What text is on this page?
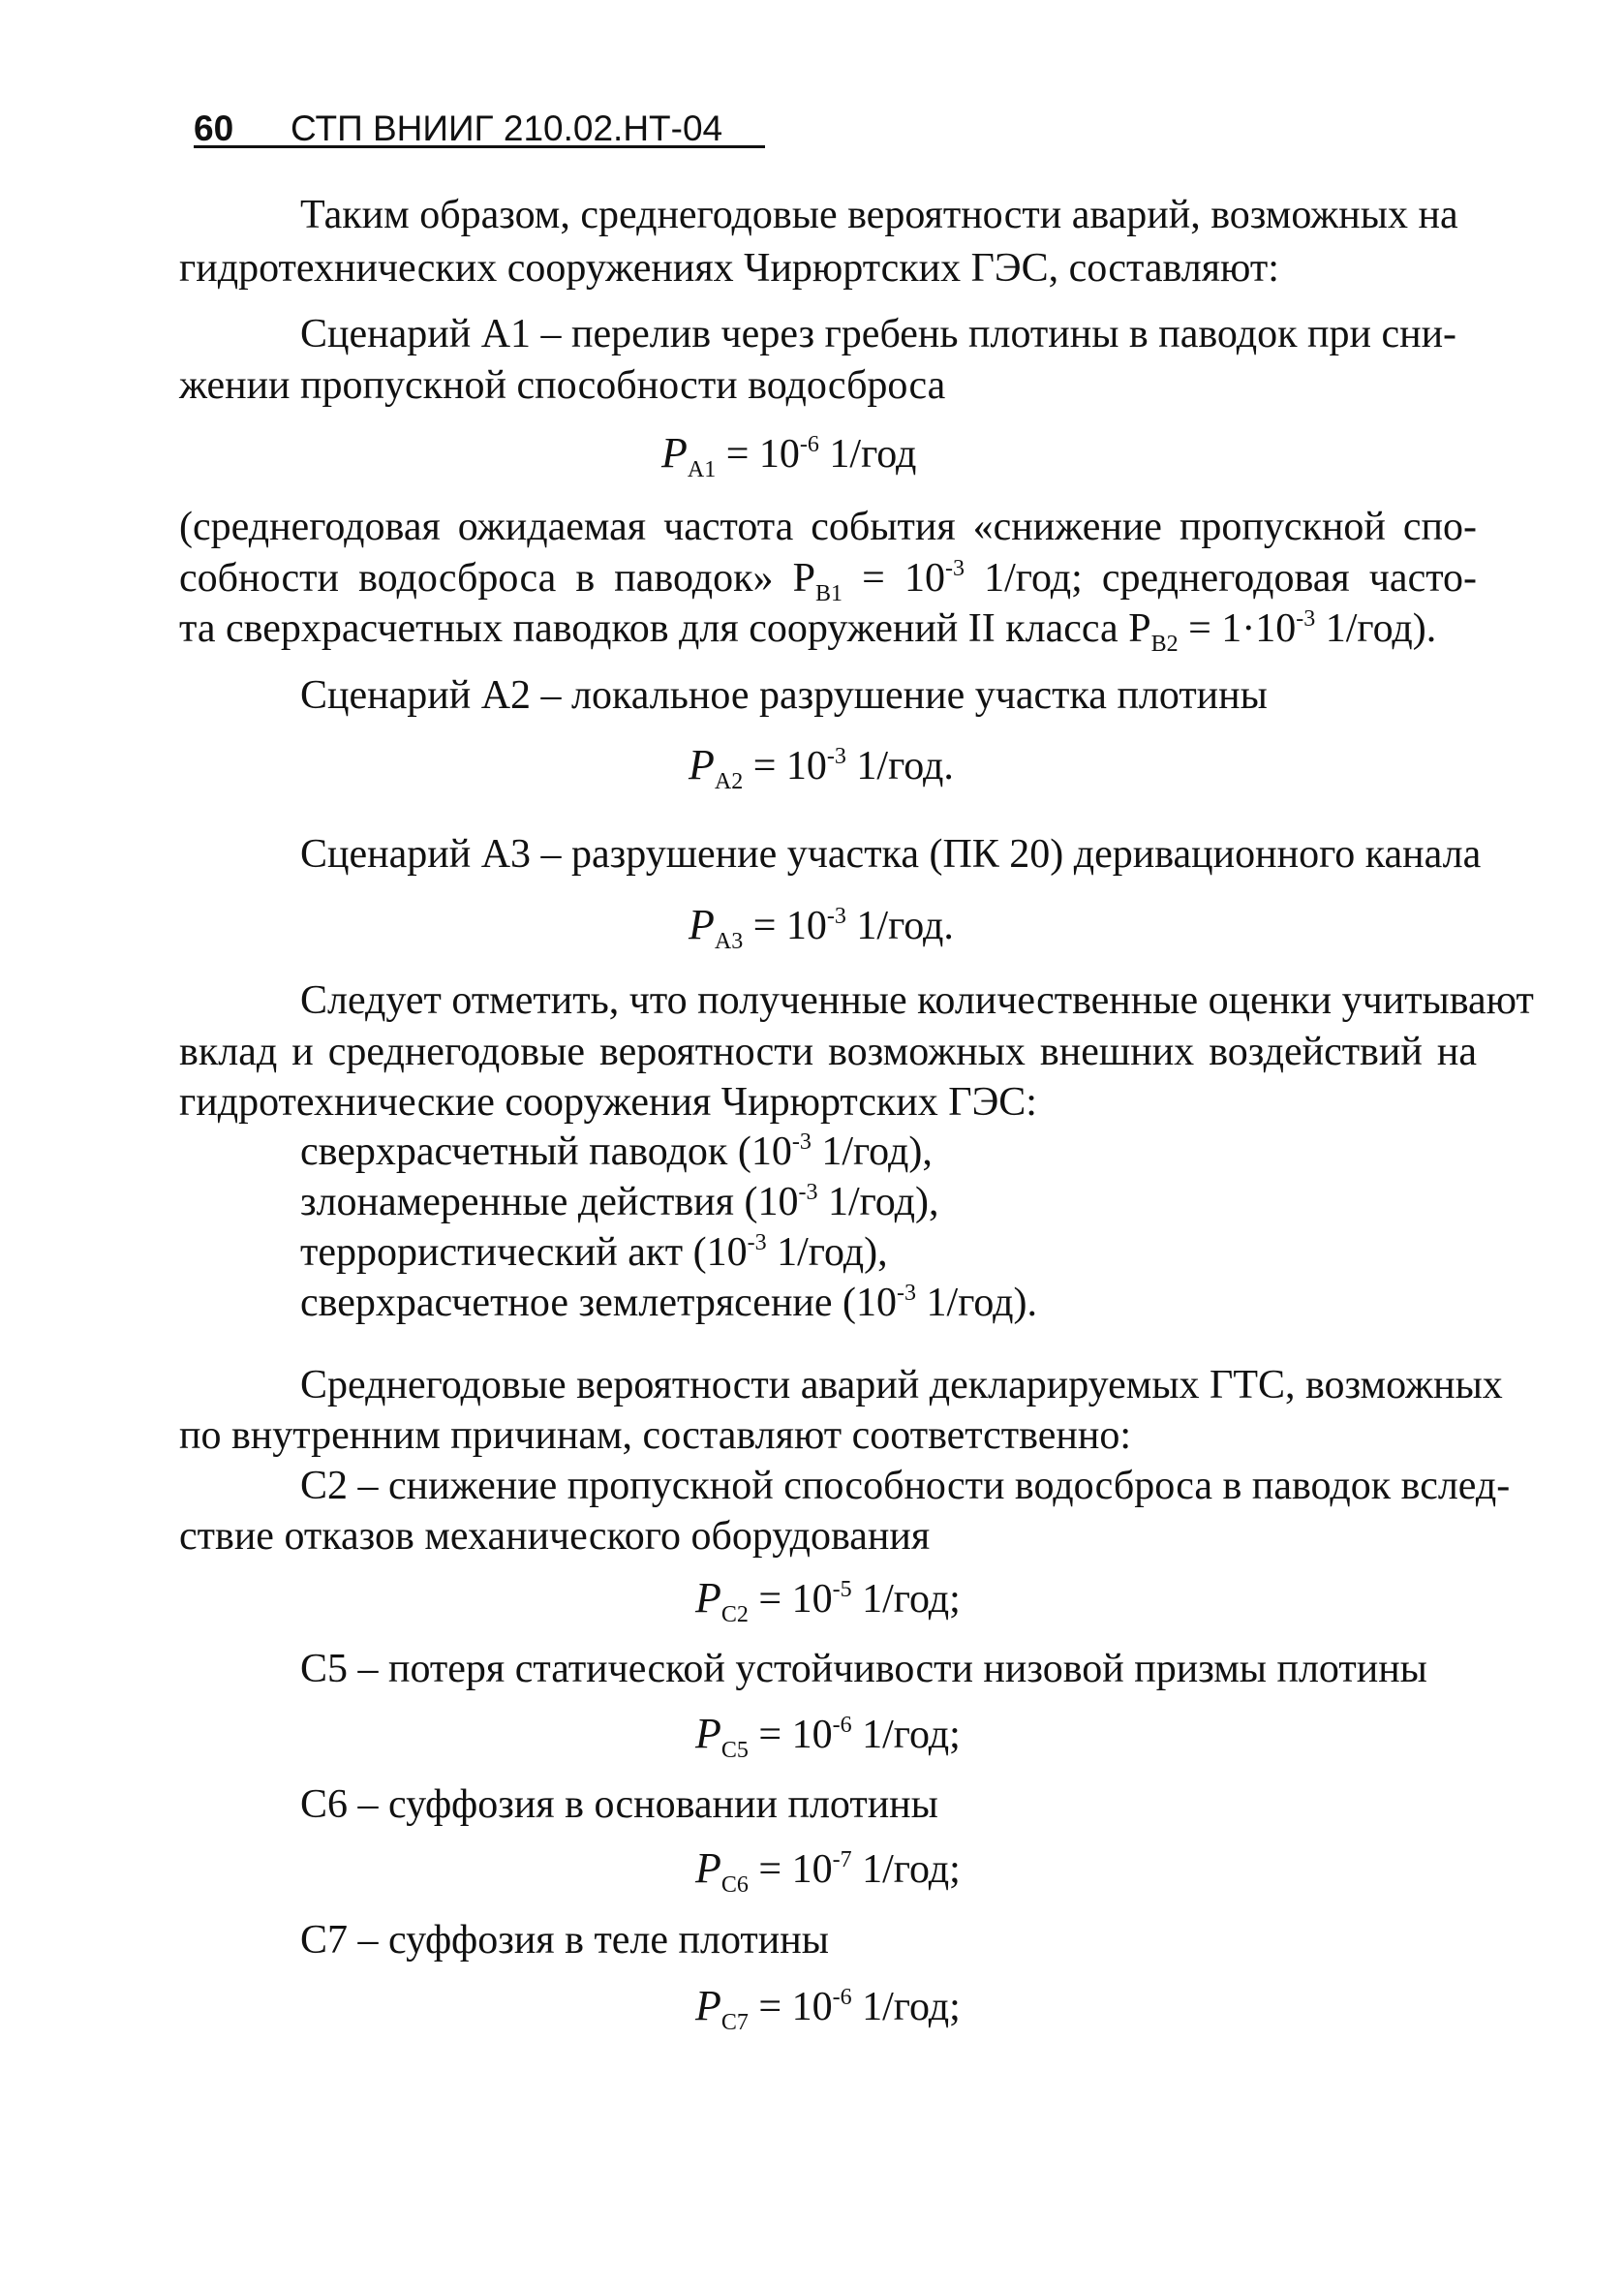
60 СТП ВНИИГ 210.02.НТ-04
Таким образом, среднегодовые вероятности аварий, возможных на
гидротехнических сооружениях Чирюртских ГЭС, составляют:
Сценарий А1 – перелив через гребень плотины в паводок при сни-
жении пропускной способности водосброса
$P_{А1} = 10^{-6}$ 1/год
(среднегодовая ожидаемая частота события «снижение пропускной спо-
собности водосброса в паводок» $Р_{В1} = 10^{-3}$ 1/год; среднегодовая часто-
та сверхрасчетных паводков для сооружений II класса $Р_{В2} = 1\cdot 10^{-3}$ 1/год).
Сценарий А2 – локальное разрушение участка плотины
$P_{А2} = 10^{-3}$ 1/год.
Сценарий А3 – разрушение участка (ПК 20) деривационного канала
$P_{А3} = 10^{-3}$ 1/год.
Следует отметить, что полученные количественные оценки учитывают
вклад и среднегодовые вероятности возможных внешних воздействий на
гидротехнические сооружения Чирюртских ГЭС:
сверхрасчетный паводок ($10^{-3}$ 1/год),
злонамеренные действия ($10^{-3}$ 1/год),
террористический акт ($10^{-3}$ 1/год),
сверхрасчетное землетрясение ($10^{-3}$ 1/год).
Среднегодовые вероятности аварий декларируемых ГТС, возможных
по внутренним причинам, составляют соответственно:
С2 – снижение пропускной способности водосброса в паводок вслед-
ствие отказов механического оборудования
$P_{С2} = 10^{-5}$ 1/год;
С5 – потеря статической устойчивости низовой призмы плотины
$P_{С5} = 10^{-6}$ 1/год;
С6 – суффозия в основании плотины
$P_{С6} = 10^{-7}$ 1/год;
С7 – суффозия в теле плотины
$P_{С7} = 10^{-6}$ 1/год;
